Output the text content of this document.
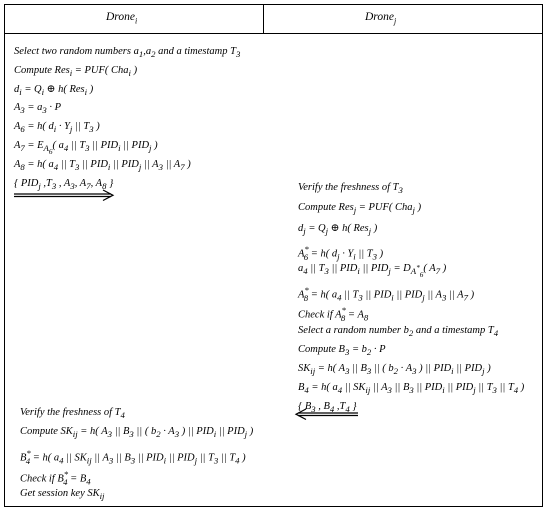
Drone$_i$	Drone$_j$
Select two random numbers $a_1,a_2$ and a timestamp $T_3$
Compute Res$_i$ = PUF( Cha$_i$ )
$d_i = Q_i$ ⊕ h( Res$_i$ )
$A_3 = a_3 \cdot P$
$A_6 = h$( $d_i \cdot Y_j$ || $T_3$ )
$A_7 = E_{A_6}$( $a_4$ || $T_3$ || $PID_i$ || $PID_j$ )
$A_8 = h$( $a_4$ || $T_3$ || $PID_i$ || $PID_j$ || $A_3$ || $A_7$ )
{ $PID_j$ $,T_3$ , $A_3$, $A_7$, $A_8$ }	Verify the freshness of $T_3$
Compute Res$_j$ = PUF( Cha$_j$ )
$d_j = Q_j$ ⊕ h( Res$_j$ )
$A^*_6 = h$( $d_j \cdot Y_i$ || $T_3$ )
$a_4$ || $T_3$ || $PID_i$ || $PID_j = D_{A^*_6}$( $A_7$ )
$A^*_8 = h$( $a_4$ || $T_3$ || $PID_i$ || $PID_j$ || $A_3$ || $A_7$ )
Check if $A^*_8 = A_8$
Select a random number $b_2$ and a timestamp $T_4$
Compute $B_3 = b_2 \cdot P$
$SK_{ij} = h$( $A_3$ || $B_3$ || ( $b_2 \cdot A_3$ ) || $PID_i$ || $PID_j$ )
$B_4 = h$( $a_4$ || $SK_{ij}$ || $A_3$ || $B_3$ || $PID_i$ || $PID_j$ || $T_3$ || $T_4$ )
{ $B_3$ , $B_4$ $,T_4$ }
Verify the freshness of $T_4$
Compute $SK_{ij} = h$( $A_3$ || $B_3$ || ( $b_2 \cdot A_3$ ) || $PID_i$ || $PID_j$ )
$B^*_4 = h$( $a_4$ || $SK_{ij}$ || $A_3$ || $B_3$ || $PID_i$ || $PID_j$ || $T_3$ || $T_4$ )
Check if $B^*_4 = B_4$
Get session key $SK_{ij}$
